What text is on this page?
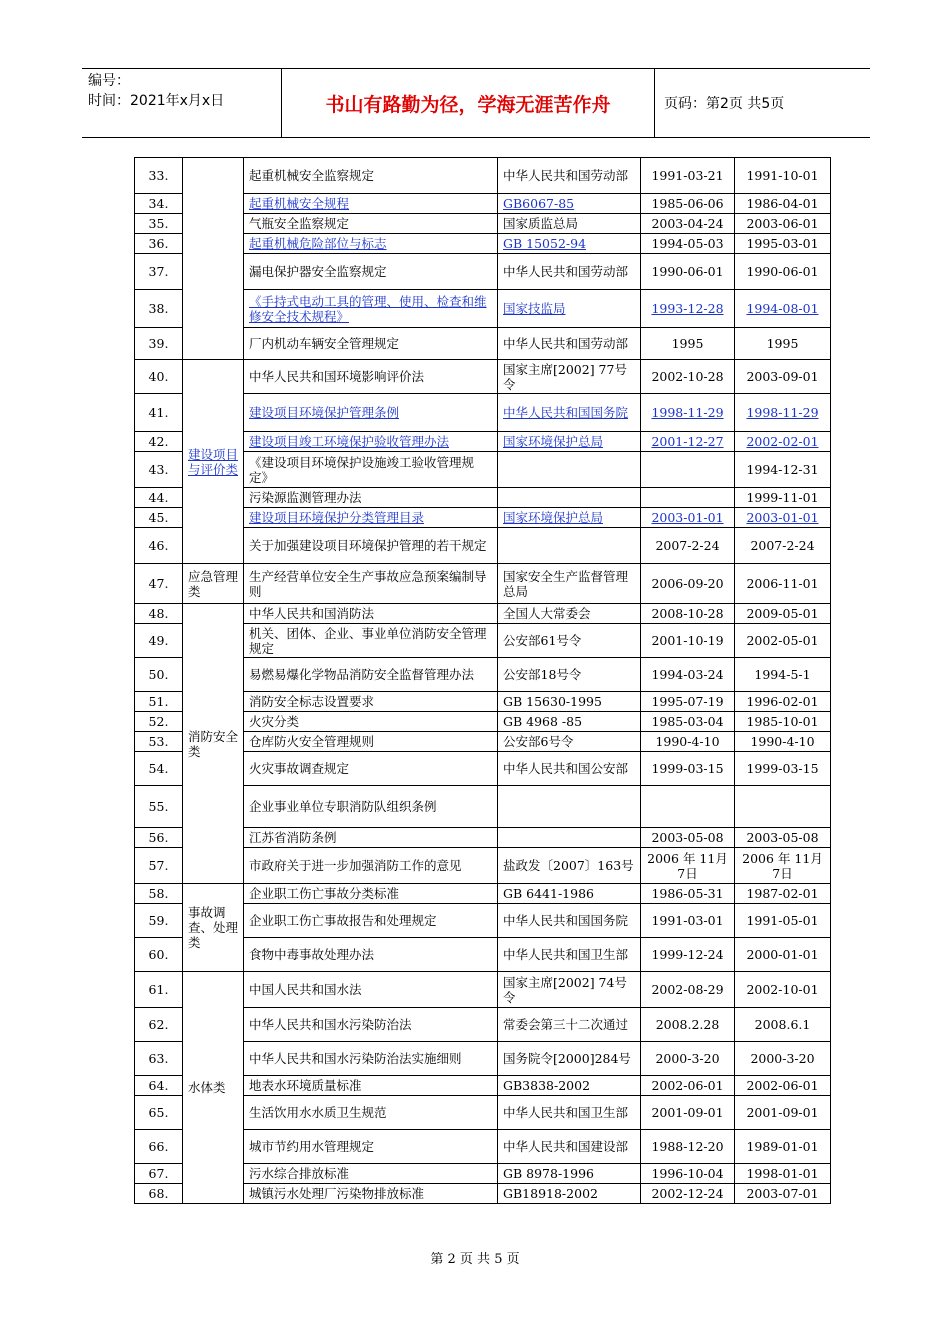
编号：
时间：2021年x月x日	书山有路勤为径，学海无涯苦作舟	页码：第2页 共5页
33.		起重机械安全监察规定	中华人民共和国劳动部	1991-03-21	1991-10-01
34.		起重机械安全规程	GB6067-85	1985-06-06	1986-04-01
35.		气瓶安全监察规定	国家质监总局	2003-04-24	2003-06-01
36.		起重机械危险部位与标志	GB 15052-94	1994-05-03	1995-03-01
37.		漏电保护器安全监察规定	中华人民共和国劳动部	1990-06-01	1990-06-01
38.		《手持式电动工具的管理、使用、检查和维修安全技术规程》	国家技监局	1993-12-28	1994-08-01
39.		厂内机动车辆安全管理规定	中华人民共和国劳动部	1995	1995
40.	建设项目与评价类	中华人民共和国环境影响评价法	国家主席[2002] 77号令	2002-10-28	2003-09-01
41.		建设项目环境保护管理条例	中华人民共和国国务院	1998-11-29	1998-11-29
42.		建设项目竣工环境保护验收管理办法	国家环境保护总局	2001-12-27	2002-02-01
43.		《建设项目环境保护设施竣工验收管理规定》			1994-12-31
44.		污染源监测管理办法			1999-11-01
45.		建设项目环境保护分类管理目录	国家环境保护总局	2003-01-01	2003-01-01
46.		关于加强建设项目环境保护管理的若干规定		2007-2-24	2007-2-24
47.	应急管理类	生产经营单位安全生产事故应急预案编制导则	国家安全生产监督管理总局	2006-09-20	2006-11-01
48.	消防安全类	中华人民共和国消防法	全国人大常委会	2008-10-28	2009-05-01
49.		机关、团体、企业、事业单位消防安全管理规定	公安部61号令	2001-10-19	2002-05-01
50.		易燃易爆化学物品消防安全监督管理办法	公安部18号令	1994-03-24	1994-5-1
51.		消防安全标志设置要求	GB 15630-1995	1995-07-19	1996-02-01
52.		火灾分类	GB 4968 -85	1985-03-04	1985-10-01
53.		仓库防火安全管理规则	公安部6号令	1990-4-10	1990-4-10
54.		火灾事故调查规定	中华人民共和国公安部	1999-03-15	1999-03-15
55.		企业事业单位专职消防队组织条例			
56.		江苏省消防条例		2003-05-08	2003-05-08
57.		市政府关于进一步加强消防工作的意见	盐政发〔2007〕163号	2006 年 11月7日	2006 年 11月7日
58.	事故调查、处理类	企业职工伤亡事故分类标准	GB 6441-1986	1986-05-31	1987-02-01
59.		企业职工伤亡事故报告和处理规定	中华人民共和国国务院	1991-03-01	1991-05-01
60.		食物中毒事故处理办法	中华人民共和国卫生部	1999-12-24	2000-01-01
61.	水体类	中国人民共和国水法	国家主席[2002] 74号令	2002-08-29	2002-10-01
62.		中华人民共和国水污染防治法	常委会第三十二次通过	2008.2.28	2008.6.1
63.		中华人民共和国水污染防治法实施细则	国务院令[2000]284号	2000-3-20	2000-3-20
64.		地表水环境质量标准	GB3838-2002	2002-06-01	2002-06-01
65.		生活饮用水水质卫生规范	中华人民共和国卫生部	2001-09-01	2001-09-01
66.		城市节约用水管理规定	中华人民共和国建设部	1988-12-20	1989-01-01
67.		污水综合排放标准	GB 8978-1996	1996-10-04	1998-01-01
68.		城镇污水处理厂污染物排放标准	GB18918-2002	2002-12-24	2003-07-01
第 2 页 共 5 页
